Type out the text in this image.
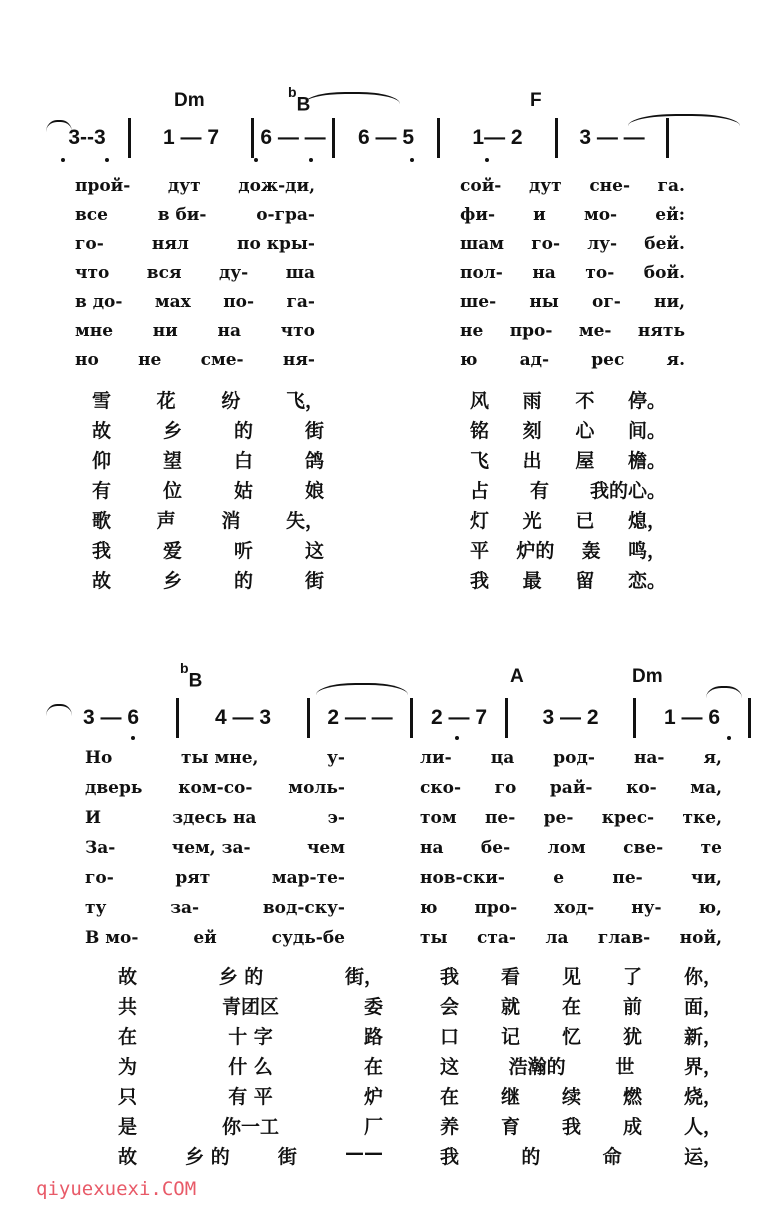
Dm	$^b$B	F
3--3	1 — 7	6 — —	6 — 5	1— 2	3 — —
прой- дут дож-ди,	сой- дут сне- га.
все	в би-	о-гра-	фи- и мо- ей:
го-	нял	по кры-	шам го- лу- бей.
что вся ду- ша	пол- на то- бой.
в до- мах по- га-	ше- ны ог- ни,
мне ни на что	не про- ме- нять
но не сме- ня-	ю ад- рес я.
雪 花 纷 飞，	风 雨 不 停。
故	乡	的	街	铭 刻 心 间。
仰	望	白	鸽	飞 出 屋 檐。
有	位	姑	娘	占 有 我的心。
歌 声 消 失，	灯 光 已 熄，
我	爱	听	这	平 炉的 轰 鸣，
故	乡	的	街	我 最 留 恋。
$^b$B	A	Dm
3 — 6	4 — 3	2 — —	2 — 7	3 — 2	1 — 6
Но	ты мне,	у-	ли- ца род- на- я,
дверь ком-со- моль-	ско- го рай- ко- ма,
И	здесь на	э-	том пе- ре- крес- тке,
За-	чем, за-	чем	на бе- лом све- те
го-	рят	мар-те-	нов-ски-	е	пе-	чи,
ту	за-	вод-ску-	ю про- ход- ну- ю,
В мо-	ей	судь-бе	ты ста- ла глав- ной,
故	乡 的	街，	我 看 见 了 你，
共	青团区	委	会 就 在 前 面，
在	十 字	路	口 记 忆 犹 新，
为	什 么	在	这	浩瀚的	世	界，
只	有 平	炉	在 继 续 燃 烧，
是	你一工	厂	养 育 我 成 人，
故	乡 的	街	——	我	的	命	运，
qiyuexuexi.COM
